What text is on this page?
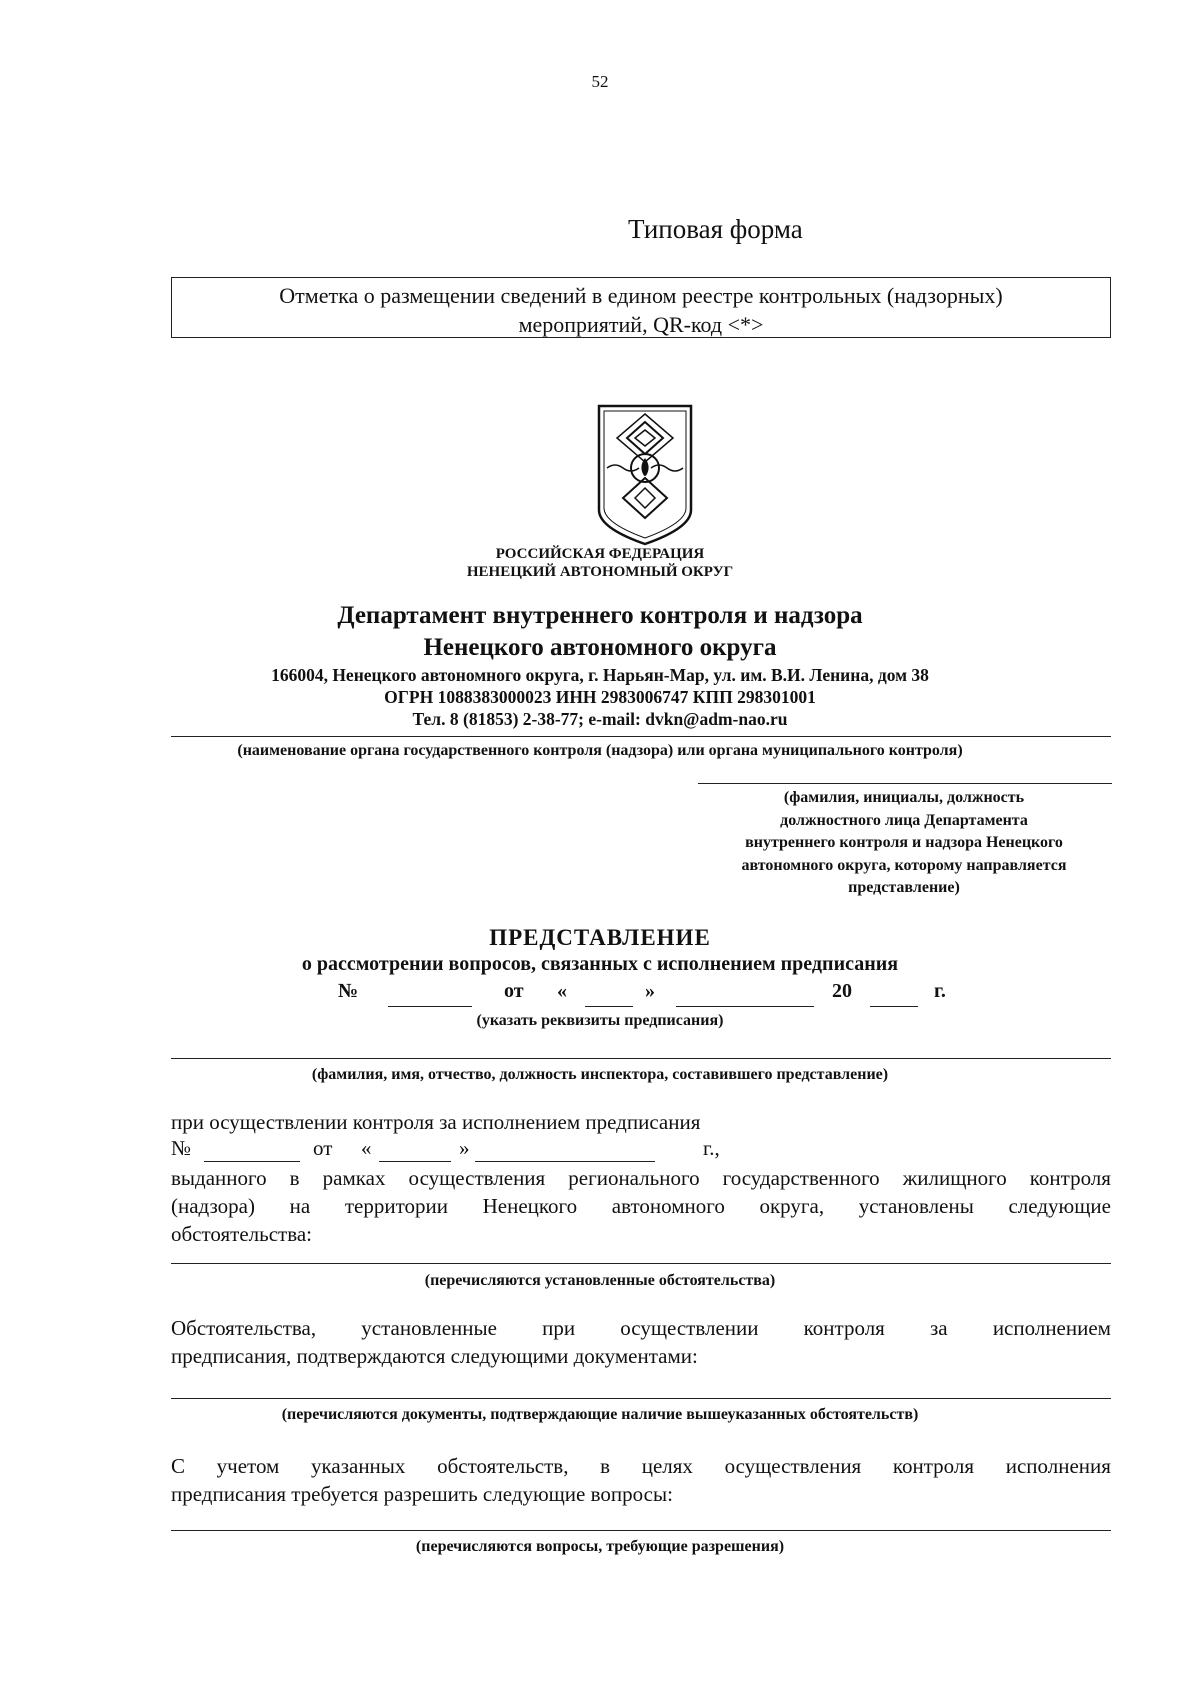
52
Типовая форма
Отметка о размещении сведений в едином реестре контрольных (надзорных)
мероприятий, QR-код <*>
РОССИЙСКАЯ ФЕДЕРАЦИЯ
НЕНЕЦКИЙ АВТОНОМНЫЙ ОКРУГ
Департамент внутреннего контроля и надзора
Ненецкого автономного округа
166004, Ненецкого автономного округа, г. Нарьян-Мар, ул. им. В.И. Ленина, дом 38
ОГРН 1088383000023 ИНН 2983006747 КПП 298301001
Тел. 8 (81853) 2-38-77; e-mail: dvkn@adm-nao.ru
(наименование органа государственного контроля (надзора) или органа муниципального контроля)
(фамилия, инициалы, должность
должностного лица Департамента
внутреннего контроля и надзора Ненецкого
автономного округа, которому направляется
представление)
ПРЕДСТАВЛЕНИЕ
о рассмотрении вопросов, связанных с исполнением предписания
№	от «	»	20	г.
(указать реквизиты предписания)
(фамилия, имя, отчество, должность инспектора, составившего представление)
при осуществлении контроля за исполнением предписания
№	от «	»	г.,
выданного в рамках осуществления регионального государственного жилищного контроля
(надзора) на территории Ненецкого автономного округа, установлены следующие
обстоятельства:
(перечисляются установленные обстоятельства)
Обстоятельства, установленные при осуществлении контроля за исполнением
предписания, подтверждаются следующими документами:
(перечисляются документы, подтверждающие наличие вышеуказанных обстоятельств)
С учетом указанных обстоятельств, в целях осуществления контроля исполнения
предписания требуется разрешить следующие вопросы:
(перечисляются вопросы, требующие разрешения)
